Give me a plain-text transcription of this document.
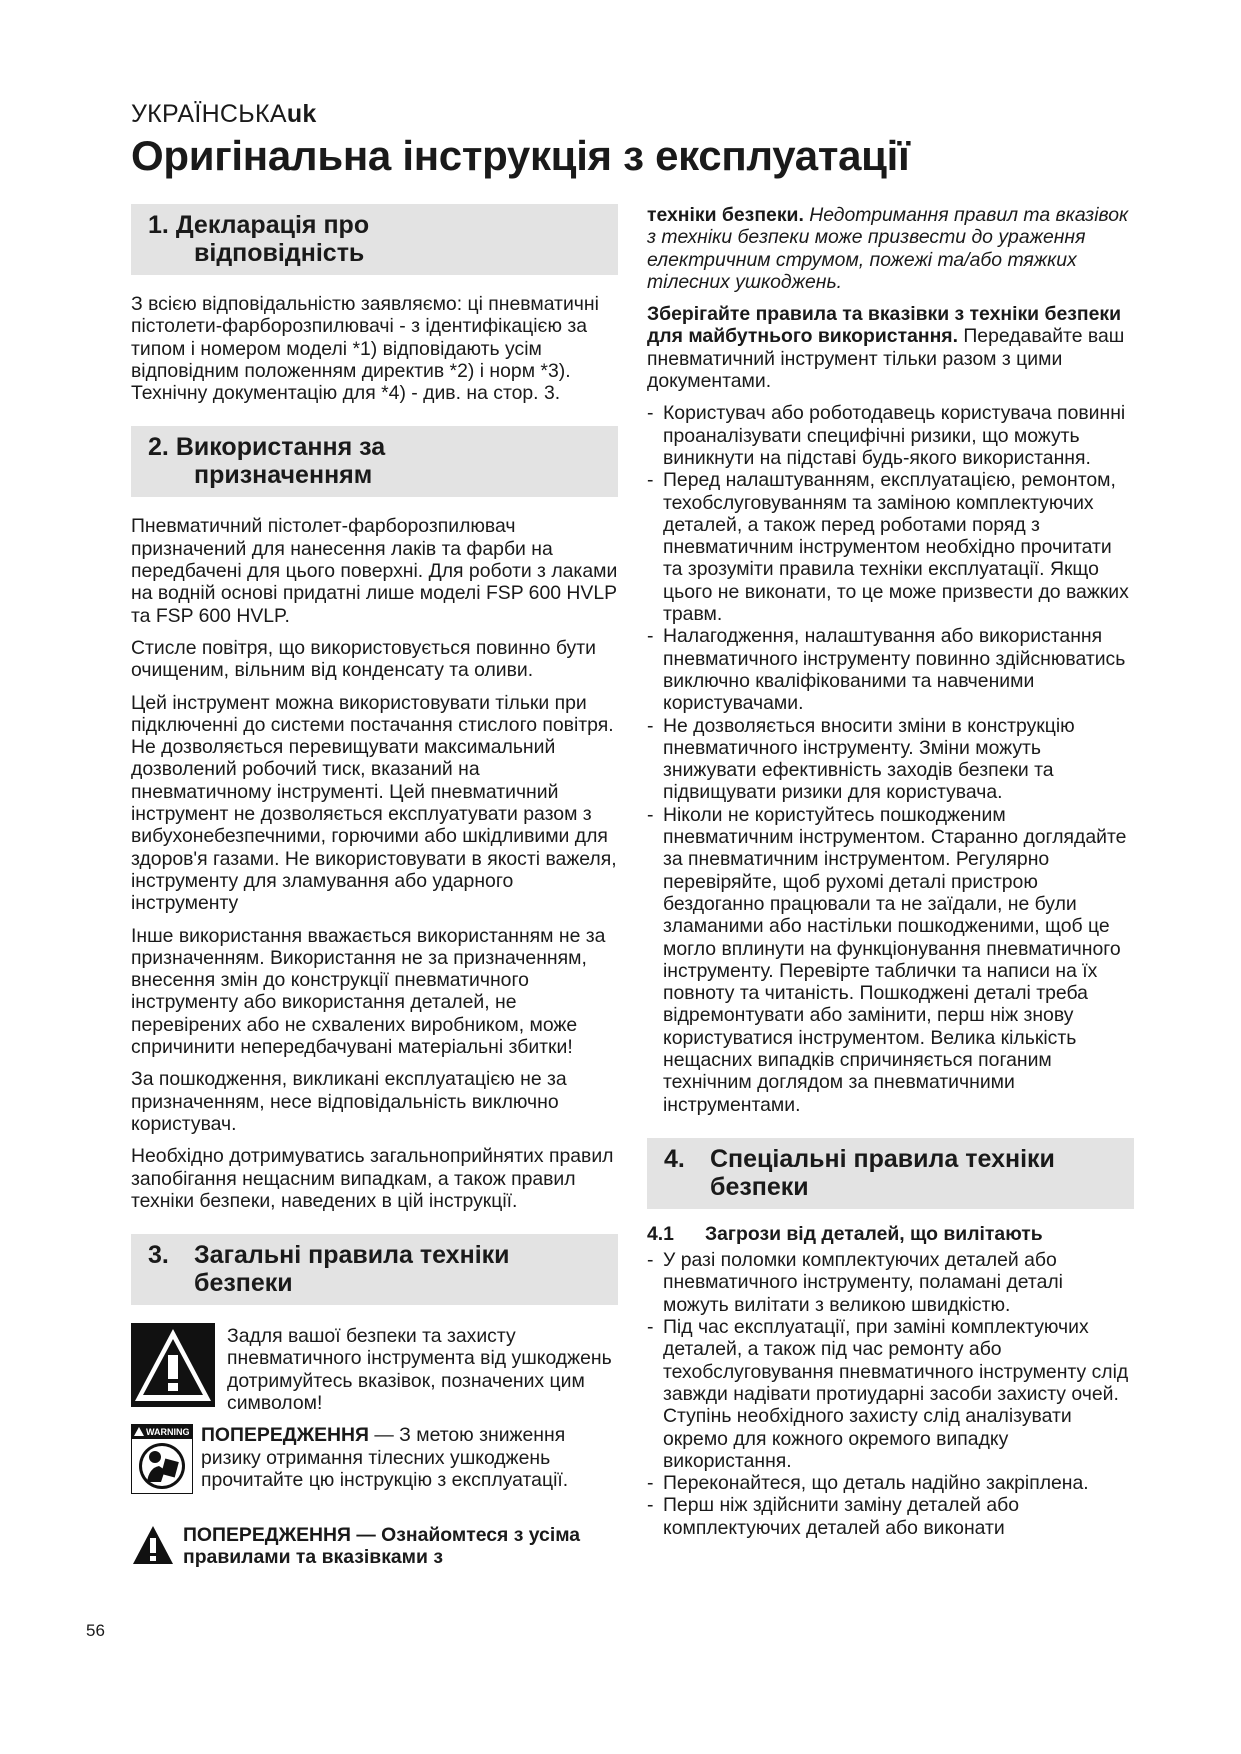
УКРАЇНСЬКАuk
Оригінальна інструкція з експлуатації
1. Декларація про
відповідність

З всією відповідальністю заявляємо: ці пневматичні пістолети-фарборозпилювачі - з ідентифікацією за типом і номером моделі *1) відповідають усім відповідним положенням директив *2) і норм *3). Технічну документацію для *4) - див. на стор. 3.

2. Використання за
призначенням

Пневматичний пістолет-фарборозпилювач призначений для нанесення лаків та фарби на передбачені для цього поверхні. Для роботи з лаками на водній основі придатні лише моделі FSP 600 HVLP та FSP 600 HVLP.

Стисле повітря, що використовується повинно бути очищеним, вільним від конденсату та оливи.

Цей інструмент можна використовувати тільки при підключенні до системи постачання стислого повітря. Не дозволяється перевищувати максимальний дозволений робочий тиск, вказаний на пневматичному інструменті. Цей пневматичний інструмент не дозволяється експлуатувати разом з вибухонебезпечними, горючими або шкідливими для здоров'я газами. Не використовувати в якості важеля, інструменту для зламування або ударного інструменту

Інше використання вважається використанням не за призначенням. Використання не за призначенням, внесення змін до конструкції пневматичного інструменту або використання деталей, не перевірених або не схвалених виробником, може спричинити непередбачувані матеріальні збитки!

За пошкодження, викликані експлуатацією не за призначенням, несе відповідальність виключно користувач.

Необхідно дотримуватись загальноприйнятих правил запобігання нещасним випадкам, а також правил техніки безпеки, наведених в цій інструкції.

3.	Загальні правила техніки безпеки
Задля вашої безпеки та захисту пневматичного інструмента від ушкоджень дотримуйтесь вказівок, позначених цим символом!
WARNING ПОПЕРЕДЖЕННЯ — З метою зниження ризику отримання тілесних ушкоджень прочитайте цю інструкцію з експлуатації.
ПОПЕРЕДЖЕННЯ — Ознайомтеся з усіма правилами та вказівками з
56

техніки безпеки. Недотримання правил та вказівок з техніки безпеки може призвести до ураження електричним струмом, пожежі та/або тяжких тілесних ушкоджень.

Зберігайте правила та вказівки з техніки безпеки для майбутнього використання. Передавайте ваш пневматичний інструмент тільки разом з цими документами.

- Користувач або роботодавець користувача повинні проаналізувати специфічні ризики, що можуть виникнути на підставі будь-якого використання.
- Перед налаштуванням, експлуатацією, ремонтом, техобслуговуванням та заміною комплектуючих деталей, а також перед роботами поряд з пневматичним інструментом необхідно прочитати та зрозуміти правила техніки експлуатації. Якщо цього не виконати, то це може призвести до важких травм.
- Налагодження, налаштування або використання пневматичного інструменту повинно здійснюватись виключно кваліфікованими та навченими користувачами.
- Не дозволяється вносити зміни в конструкцію пневматичного інструменту. Зміни можуть знижувати ефективність заходів безпеки та підвищувати ризики для користувача.
- Ніколи не користуйтесь пошкодженим пневматичним інструментом. Старанно доглядайте за пневматичним інструментом. Регулярно перевіряйте, щоб рухомі деталі пристрою бездоганно працювали та не заїдали, не були зламаними або настільки пошкодженими, щоб це могло вплинути на функціонування пневматичного інструменту. Перевірте таблички та написи на їх повноту та читаність. Пошкоджені деталі треба відремонтувати або замінити, перш ніж знову користуватися інструментом. Велика кількість нещасних випадків спричиняється поганим технічним доглядом за пневматичними інструментами.
4.	Спеціальні правила техніки безпеки
4.1	Загрози від деталей, що вилітають
- У разі поломки комплектуючих деталей або пневматичного інструменту, поламані деталі можуть вилітати з великою швидкістю.
- Під час експлуатації, при заміні комплектуючих деталей, а також під час ремонту або техобслуговування пневматичного інструменту слід завжди надівати протиударні засоби захисту очей. Ступінь необхідного захисту слід аналізувати окремо для кожного окремого випадку використання.
- Переконайтеся, що деталь надійно закріплена.
- Перш ніж здійснити заміну деталей або комплектуючих деталей або виконати
